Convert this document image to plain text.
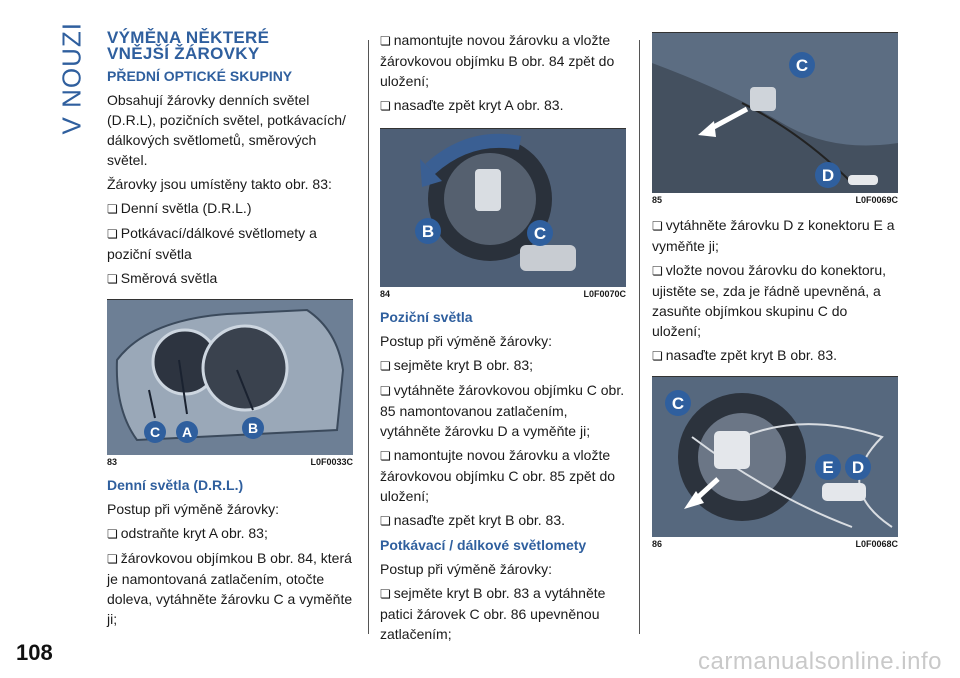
V NOUZI
108	carmanualsonline.info
VÝMĚNA NĚKTERÉ
VNĚJŠÍ ŽÁROVKY
PŘEDNÍ OPTICKÉ SKUPINY

Obsahují žárovky denních světel (D.R.L), pozičních světel, potkávacích/ dálkových světlometů, směrových světel.

Žárovky jsou umístěny takto obr. 83:

❏ Denní světla (D.R.L.)

❏ Potkávací/dálkové světlomety a poziční světla

❏ Směrová světla

C A	B
83	L0F0033C
Denní světla (D.R.L.)

Postup při výměně žárovky:

❏ odstraňte kryt A obr. 83;

❏ žárovkovou objímkou B obr. 84, která je namontovaná zatlačením, otočte doleva, vytáhněte žárovku C a vyměňte ji;

❏ namontujte novou žárovku a vložte žárovkovou objímku B obr. 84 zpět do uložení;

❏ nasaďte zpět kryt A obr. 83.

B	C
84	L0F0070C
Poziční světla

Postup při výměně žárovky:

❏ sejměte kryt B obr. 83;

❏ vytáhněte žárovkovou objímku C obr. 85 namontovanou zatlačením, vytáhněte žárovku D a vyměňte ji;

❏ namontujte novou žárovku a vložte žárovkovou objímku C obr. 85 zpět do uložení;

❏ nasaďte zpět kryt B obr. 83.

Potkávací / dálkové světlomety

Postup při výměně žárovky:

❏ sejměte kryt B obr. 83 a vytáhněte patici žárovek C obr. 86 upevněnou zatlačením;

C
D
85	L0F0069C

❏ vytáhněte žárovku D z konektoru E a vyměňte ji;

❏ vložte novou žárovku do konektoru, ujistěte se, zda je řádně upevněná, a zasuňte objímkou skupinu C do uložení;

❏ nasaďte zpět kryt B obr. 83.

C
E D
86	L0F0068C
